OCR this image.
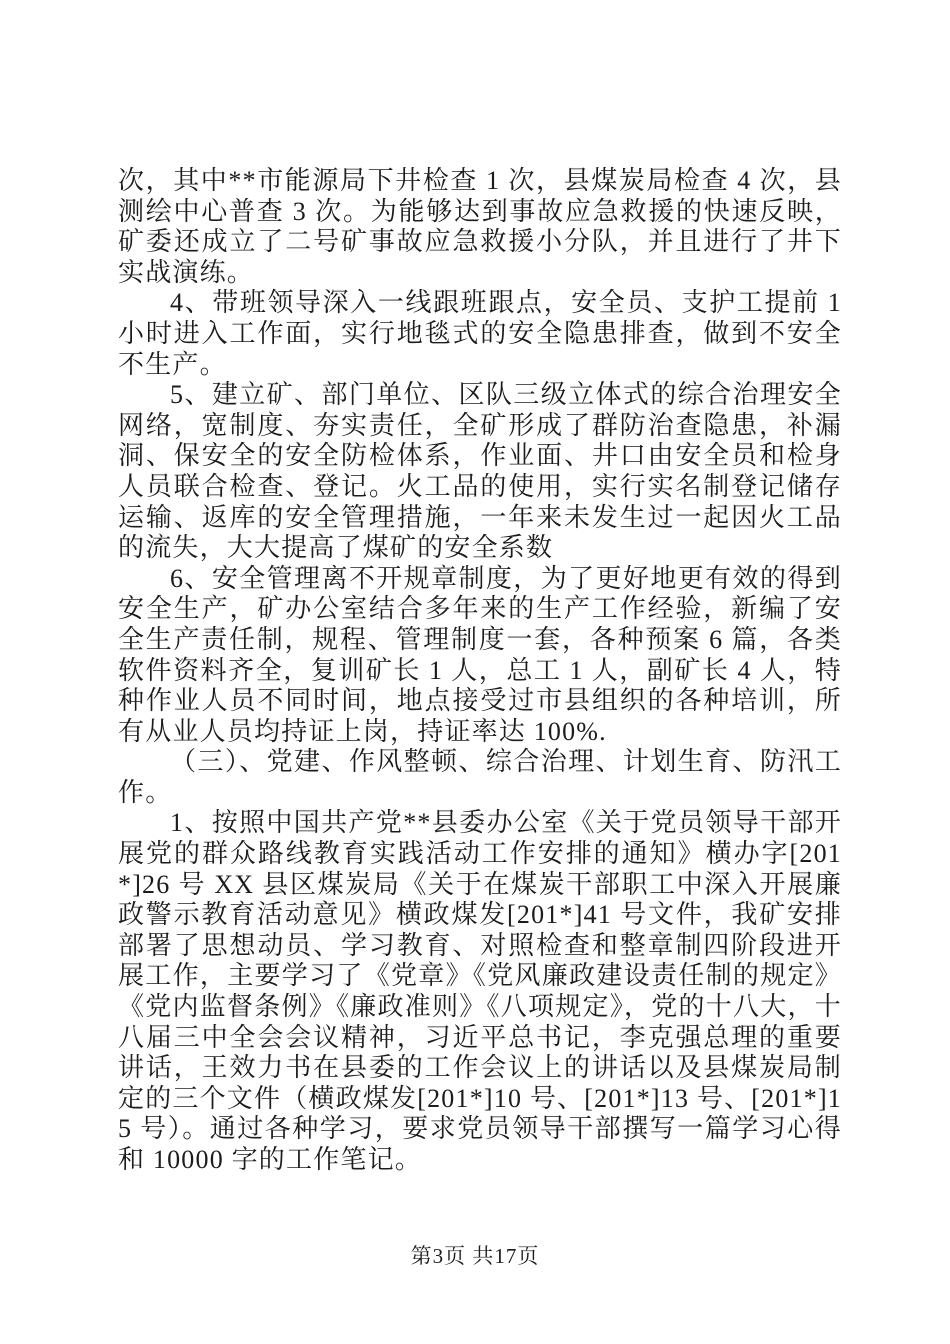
次，其中**市能源局下井检查 1 次，县煤炭局检查 4 次，县测绘中心普查 3 次。为能够达到事故应急救援的快速反映，矿委还成立了二号矿事故应急救援小分队，并且进行了井下实战演练。

4、带班领导深入一线跟班跟点，安全员、支护工提前 1 小时进入工作面，实行地毯式的安全隐患排查，做到不安全不生产。

5、建立矿、部门单位、区队三级立体式的综合治理安全网络，宽制度、夯实责任，全矿形成了群防治查隐患，补漏洞、保安全的安全防检体系，作业面、井口由安全员和检身人员联合检查、登记。火工品的使用，实行实名制登记储存运输、返库的安全管理措施，一年来未发生过一起因火工品的流失，大大提高了煤矿的安全系数

6、安全管理离不开规章制度，为了更好地更有效的得到安全生产，矿办公室结合多年来的生产工作经验，新编了安全生产责任制，规程、管理制度一套，各种预案 6 篇，各类软件资料齐全，复训矿长 1 人，总工 1 人，副矿长 4 人，特种作业人员不同时间，地点接受过市县组织的各种培训，所有从业人员均持证上岗，持证率达 100%.

（三）、党建、作风整顿、综合治理、计划生育、防汛工作。

1、按照中国共产党**县委办公室《关于党员领导干部开展党的群众路线教育实践活动工作安排的通知》横办字[201*]26 号 XX 县区煤炭局《关于在煤炭干部职工中深入开展廉政警示教育活动意见》横政煤发[201*]41 号文件，我矿安排部署了思想动员、学习教育、对照检查和整章制四阶段进开展工作，主要学习了《党章》《党风廉政建设责任制的规定》《党内监督条例》《廉政准则》《八项规定》，党的十八大，十八届三中全会会议精神，习近平总书记，李克强总理的重要讲话，王效力书在县委的工作会议上的讲话以及县煤炭局制定的三个文件（横政煤发[201*]10 号、[201*]13 号、[201*]15 号）。通过各种学习，要求党员领导干部撰写一篇学习心得和 10000 字的工作笔记。

第3页 共17页
